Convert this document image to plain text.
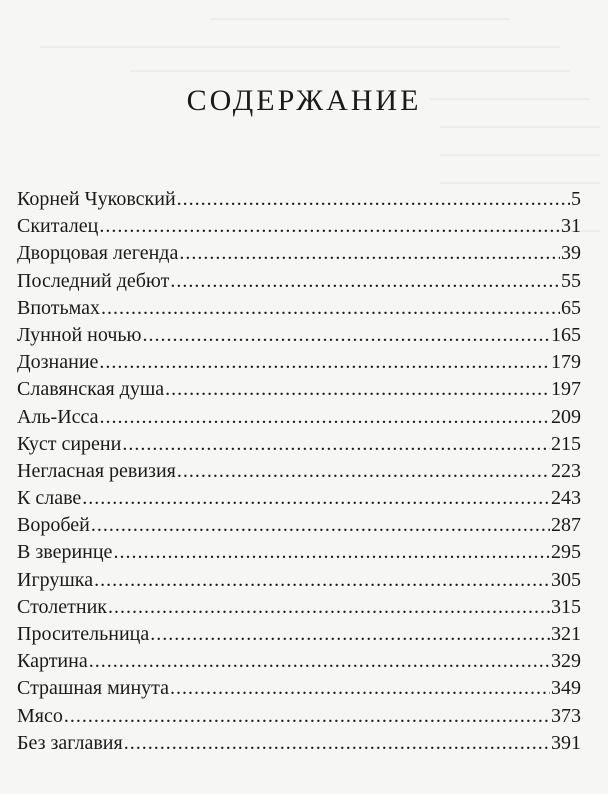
СОДЕРЖАНИЕ
Корней Чуковский .....	5
Скиталец .....	31
Дворцовая легенда .....	39
Последний дебют .....	55
Впотьмах .....	65
Лунной ночью .....	165
Дознание .....	179
Славянская душа .....	197
Аль-Исса .....	209
Куст сирени .....	215
Негласная ревизия .....	223
К славе .....	243
Воробей .....	287
В зверинце .....	295
Игрушка .....	305
Столетник .....	315
Просительница .....	321
Картина .....	329
Страшная минута .....	349
Мясо .....	373
Без заглавия .....	391
